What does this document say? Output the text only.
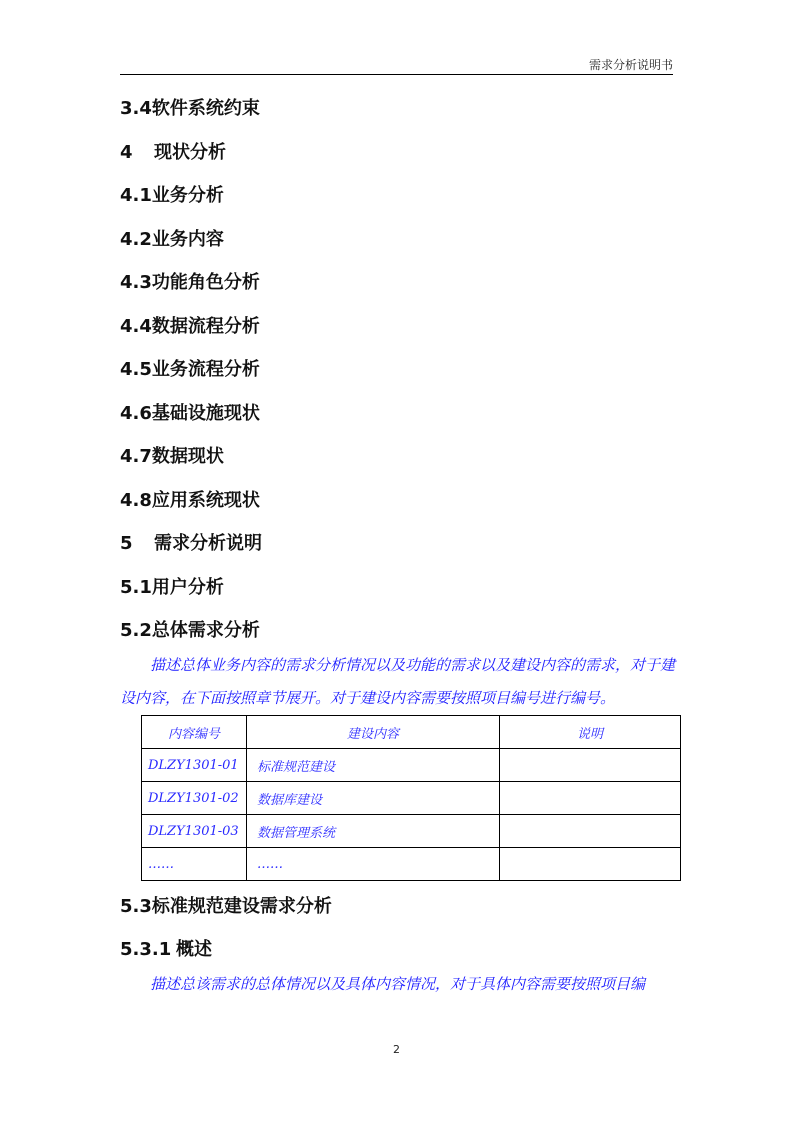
需求分析说明书
3.4软件系统约束
4 现状分析
4.1业务分析
4.2业务内容
4.3功能角色分析
4.4数据流程分析
4.5业务流程分析
4.6基础设施现状
4.7数据现状
4.8应用系统现状
5 需求分析说明
5.1用户分析
5.2总体需求分析
描述总体业务内容的需求分析情况以及功能的需求以及建设内容的需求，对于建设内容，在下面按照章节展开。对于建设内容需要按照项目编号进行编号。
内容编号	建设内容	说明
DLZY1301-01	标准规范建设	
DLZY1301-02	数据库建设	
DLZY1301-03	数据管理系统	
……	……	
5.3标准规范建设需求分析
5.3.1 概述
描述总该需求的总体情况以及具体内容情况，对于具体内容需要按照项目编
2
